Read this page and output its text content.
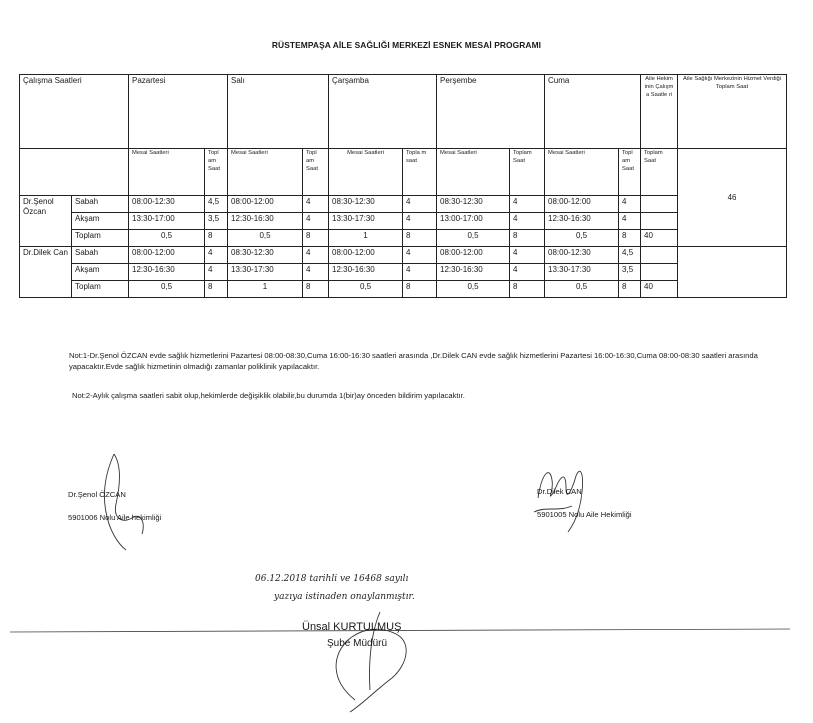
RÜSTEMPAŞA AİLE SAĞLIĞI MERKEZİ ESNEK MESAİ PROGRAMI
Çalışma Saatleri		Pazartesi		Salı		Çarşamba		Perşembe		Cuma		Aile Hekim inin Çalışm a Saatle ri	Aile Sağlığı Merkezinin Hizmet Verdiği Toplam Saat
		Mesai Saatleri	Topl am Saat	Mesai Saatleri	Topl am Saat	Mesai Saatleri	Topla m saat	Mesai Saatleri	Toplam Saat	Mesai Saatleri	Topl am Saat	Toplam Saat	46
Dr.Şenol Özcan	Sabah	08:00-12:30	4,5	08:00-12:00	4	08:30-12:30	4	08:30-12:30	4	08:00-12:00	4		
	Akşam	13:30-17:00	3,5	12:30-16:30	4	13:30-17:30	4	13:00-17:00	4	12:30-16:30	4		
	Toplam	0,5	8	0,5	8	1	8	0,5	8	0,5	8	40	
Dr.Dilek Can	Sabah	08:00-12:00	4	08:30-12:30	4	08:00-12:00	4	08:00-12:00	4	08:00-12:30	4,5		
	Akşam	12:30-16:30	4	13:30-17:30	4	12:30-16:30	4	12:30-16:30	4	13:30-17:30	3,5		
	Toplam	0,5	8	1	8	0,5	8	0,5	8	0,5	8	40	
Not:1-Dr.Şenol ÖZCAN evde sağlık hizmetlerini Pazartesi 08:00-08:30,Cuma 16:00-16:30 saatleri arasında ,Dr.Dilek CAN evde sağlık hizmetlerini Pazartesi 16:00-16:30,Cuma 08:00-08:30 saatleri arasında yapacaktır.Evde sağlık hizmetinin olmadığı zamanlar poliklinik yapılacaktır.
Not:2-Aylık çalışma saatleri sabit olup,hekimlerde değişiklik olabilir,bu durumda 1(bir)ay önceden bildirim yapılacaktır.
Dr.Şenol ÖZCAN
5901006 Nolu Aile hekimliği
Dr.Dilek CAN
5901005 Nolu Aile Hekimliği
06.12.2018 tarihli ve 16468 sayılı
yazıya istinaden onaylanmıştır.
Ünsal KURTULMUŞ
Şube Müdürü
